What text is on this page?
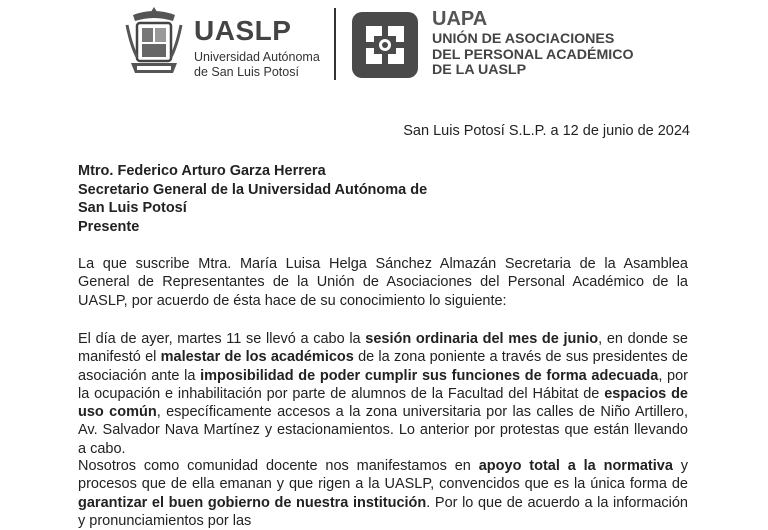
UASLP
Universidad Autónoma
de San Luis Potosí
UAPA
UNIÓN DE ASOCIACIONES
DEL PERSONAL ACADÉMICO
DE LA UASLP
San Luis Potosí S.L.P. a 12 de junio de 2024
Mtro. Federico Arturo Garza Herrera
Secretario General de la Universidad Autónoma de
San Luis Potosí
Presente
La que suscribe Mtra. María Luisa Helga Sánchez Almazán Secretaria de la Asamblea General de Representantes de la Unión de Asociaciones del Personal Académico de la UASLP, por acuerdo de ésta hace de su conocimiento lo siguiente:
El día de ayer, martes 11 se llevó a cabo la sesión ordinaria del mes de junio, en donde se manifestó el malestar de los académicos de la zona poniente a través de sus presidentes de asociación ante la imposibilidad de poder cumplir sus funciones de forma adecuada, por la ocupación e inhabilitación por parte de alumnos de la Facultad del Hábitat de espacios de uso común, específicamente accesos a la zona universitaria por las calles de Niño Artillero, Av. Salvador Nava Martínez y estacionamientos. Lo anterior por protestas que están llevando a cabo.
Nosotros como comunidad docente nos manifestamos en apoyo total a la normativa y procesos que de ella emanan y que rigen a la UASLP, convencidos que es la única forma de garantizar el buen gobierno de nuestra institución. Por lo que de acuerdo a la información y pronunciamientos por las
